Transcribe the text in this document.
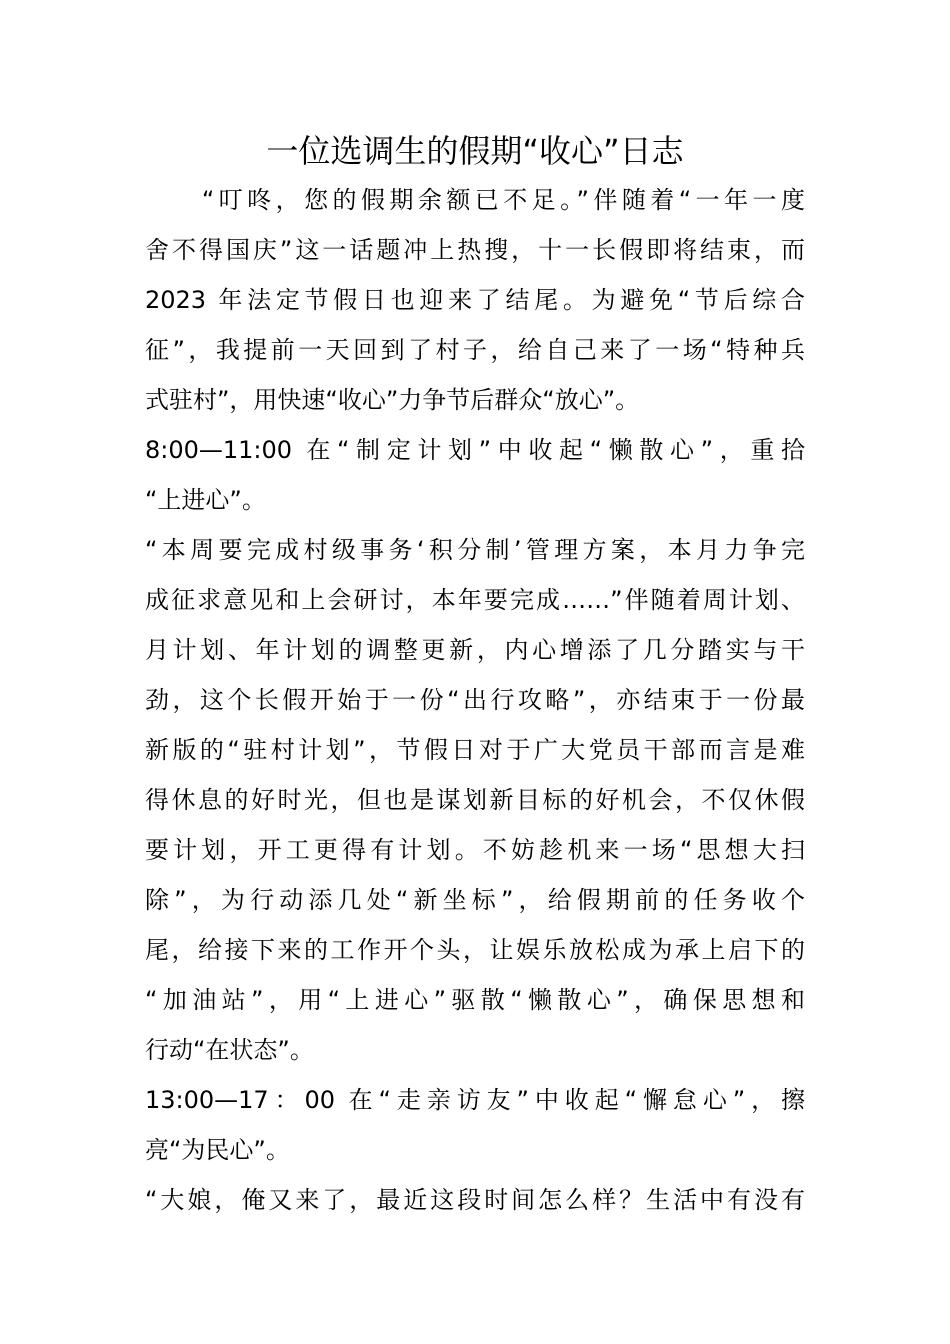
一位选调生的假期“收心”日志
　　“叮咚，您的假期余额已不足。”伴随着“一年一度
舍不得国庆”这一话题冲上热搜，十一长假即将结束，而
2023 年法定节假日也迎来了结尾。为避免“节后综合
征”，我提前一天回到了村子，给自己来了一场“特种兵
式驻村”，用快速“收心”力争节后群众“放心”。
8:00—11:00 在“制定计划”中收起“懒散心”，重拾
“上进心”。
“本周要完成村级事务‘积分制’管理方案，本月力争完
成征求意见和上会研讨，本年要完成……”伴随着周计划、
月计划、年计划的调整更新，内心增添了几分踏实与干
劲，这个长假开始于一份“出行攻略”，亦结束于一份最
新版的“驻村计划”，节假日对于广大党员干部而言是难
得休息的好时光，但也是谋划新目标的好机会，不仅休假
要计划，开工更得有计划。不妨趁机来一场“思想大扫
除”，为行动添几处“新坐标”，给假期前的任务收个
尾，给接下来的工作开个头，让娱乐放松成为承上启下的
“加油站”，用“上进心”驱散“懒散心”，确保思想和
行动“在状态”。
13:00—17：00 在“走亲访友”中收起“懈怠心”，擦
亮“为民心”。
“大娘，俺又来了，最近这段时间怎么样？生活中有没有
